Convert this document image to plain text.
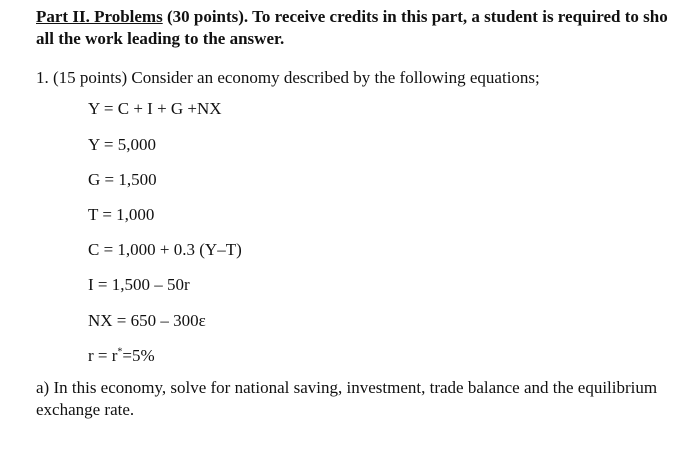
Part II. Problems (30 points). To receive credits in this part, a student is required to sho
all the work leading to the answer.
1. (15 points) Consider an economy described by the following equations;
Y = C + I + G +NX
Y = 5,000
G = 1,500
T = 1,000
C = 1,000 + 0.3 (Y–T)
I = 1,500 – 50r
NX = 650 – 300ε
r = r*=5%
a) In this economy, solve for national saving, investment, trade balance and the equilibrium exchange rate.
